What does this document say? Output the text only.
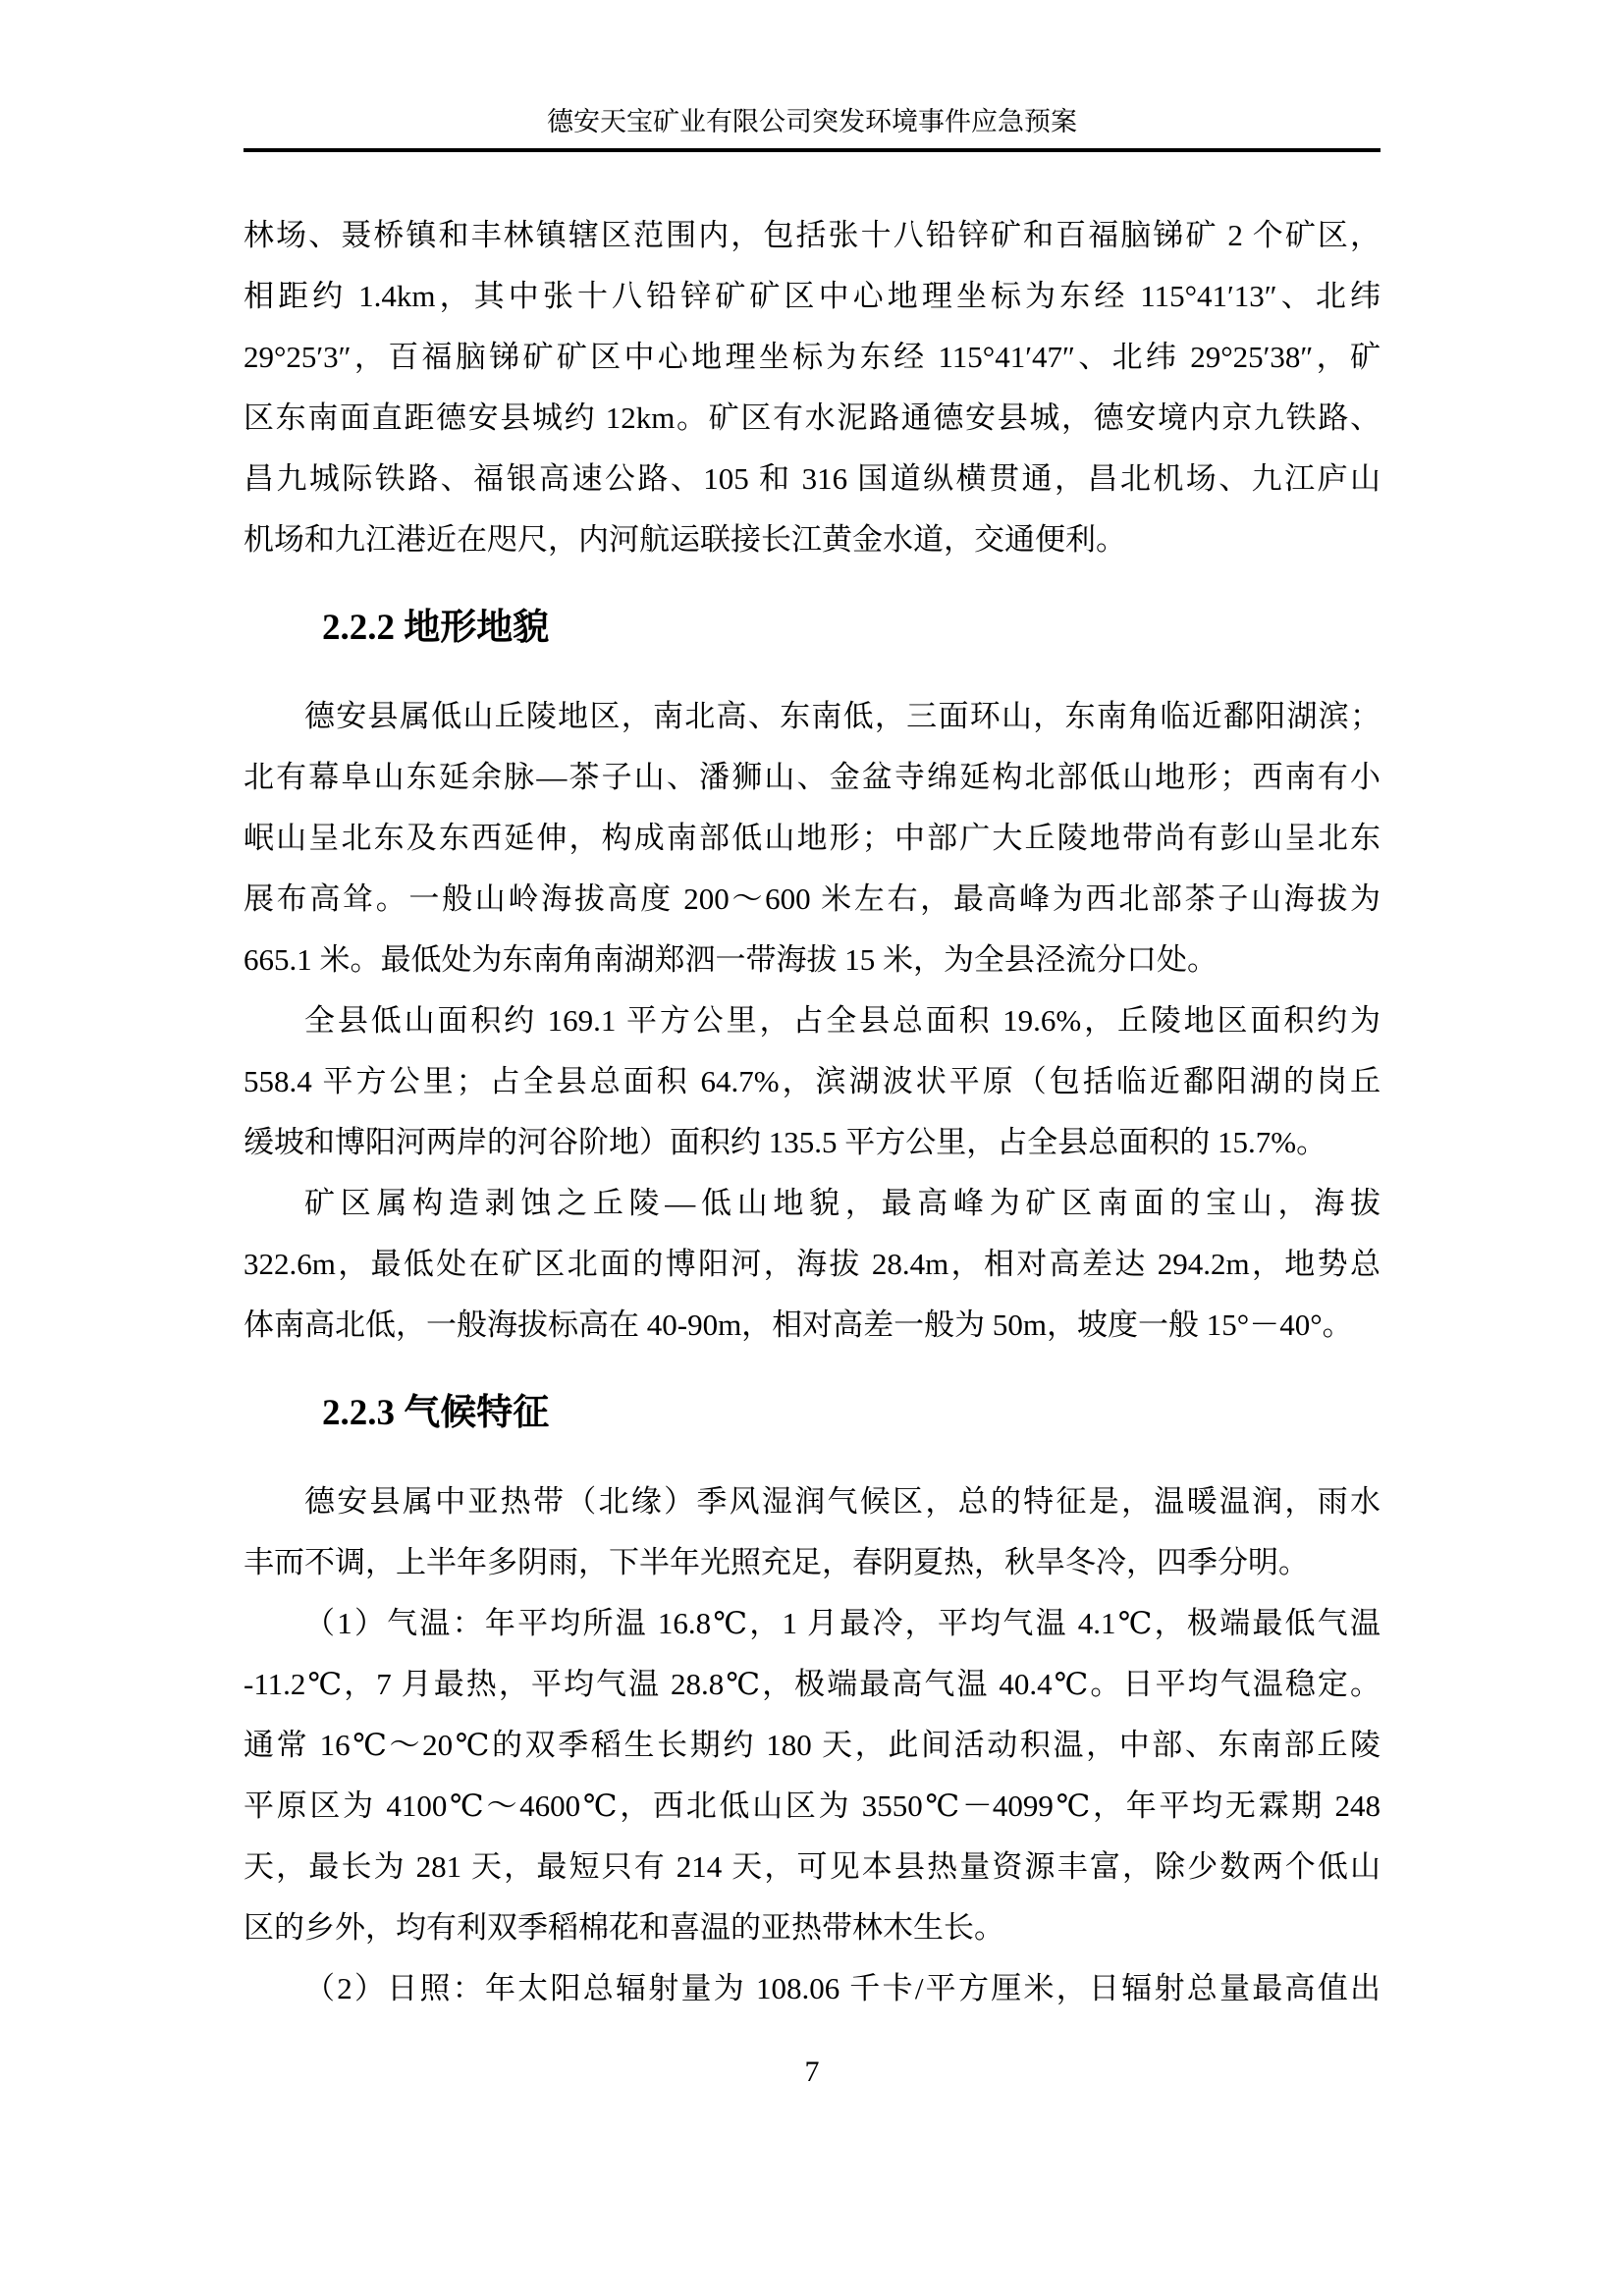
德安天宝矿业有限公司突发环境事件应急预案
林场、聂桥镇和丰林镇辖区范围内，包括张十八铅锌矿和百福脑锑矿 2 个矿区，
相距约 1.4km，其中张十八铅锌矿矿区中心地理坐标为东经 115°41′13″、北纬
29°25′3″，百福脑锑矿矿区中心地理坐标为东经 115°41′47″、北纬 29°25′38″，矿
区东南面直距德安县城约 12km。矿区有水泥路通德安县城，德安境内京九铁路、
昌九城际铁路、福银高速公路、105 和 316 国道纵横贯通，昌北机场、九江庐山
机场和九江港近在咫尺，内河航运联接长江黄金水道，交通便利。
2.2.2 地形地貌
德安县属低山丘陵地区，南北高、东南低，三面环山，东南角临近鄱阳湖滨；
北有幕阜山东延余脉—茶子山、潘狮山、金盆寺绵延构北部低山地形；西南有小
岷山呈北东及东西延伸，构成南部低山地形；中部广大丘陵地带尚有彭山呈北东
展布高耸。一般山岭海拔高度 200～600 米左右，最高峰为西北部茶子山海拔为
665.1 米。最低处为东南角南湖郑泗一带海拔 15 米，为全县泾流分口处。
全县低山面积约 169.1 平方公里，占全县总面积 19.6%，丘陵地区面积约为
558.4 平方公里；占全县总面积 64.7%，滨湖波状平原（包括临近鄱阳湖的岗丘
缓坡和博阳河两岸的河谷阶地）面积约 135.5 平方公里，占全县总面积的 15.7%。
矿区属构造剥蚀之丘陵—低山地貌，最高峰为矿区南面的宝山，海拔
322.6m，最低处在矿区北面的博阳河，海拔 28.4m，相对高差达 294.2m，地势总
体南高北低，一般海拔标高在 40-90m，相对高差一般为 50m，坡度一般 15°－40°。
2.2.3 气候特征
德安县属中亚热带（北缘）季风湿润气候区，总的特征是，温暖温润，雨水
丰而不调，上半年多阴雨，下半年光照充足，春阴夏热，秋旱冬冷，四季分明。
（1）气温：年平均所温 16.8℃，1 月最冷，平均气温 4.1℃，极端最低气温
-11.2℃，7 月最热，平均气温 28.8℃，极端最高气温 40.4℃。日平均气温稳定。
通常 16℃～20℃的双季稻生长期约 180 天，此间活动积温，中部、东南部丘陵
平原区为 4100℃～4600℃，西北低山区为 3550℃－4099℃，年平均无霖期 248
天，最长为 281 天，最短只有 214 天，可见本县热量资源丰富，除少数两个低山
区的乡外，均有利双季稻棉花和喜温的亚热带林木生长。
（2）日照：年太阳总辐射量为 108.06 千卡/平方厘米，日辐射总量最高值出
7
